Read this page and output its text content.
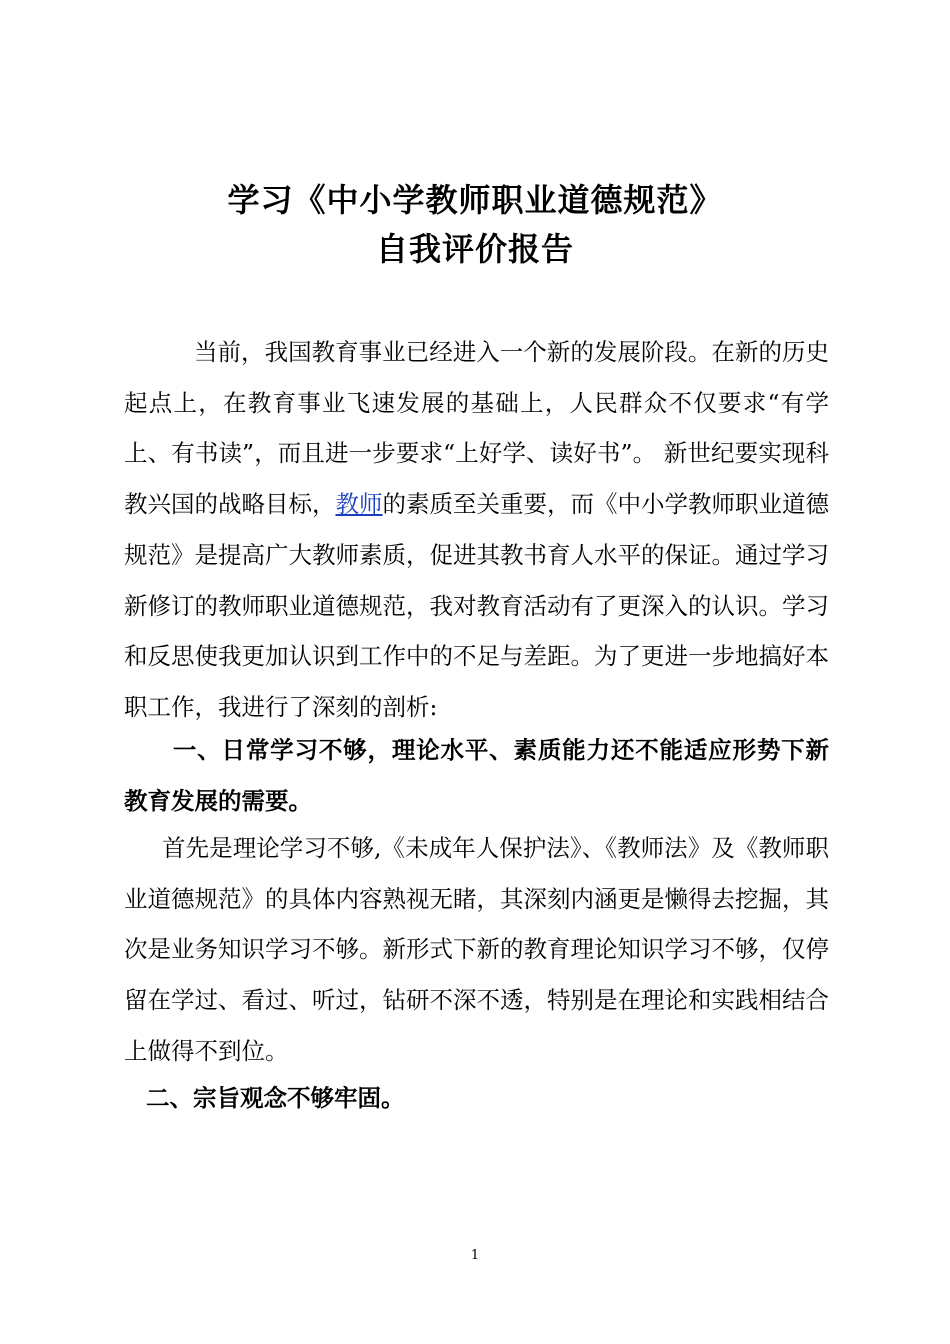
学习《中小学教师职业道德规范》
自我评价报告
当前，我国教育事业已经进入一个新的发展阶段。在新的历史起点上，在教育事业飞速发展的基础上，人民群众不仅要求“有学上、有书读”，而且进一步要求“上好学、读好书”。 新世纪要实现科教兴国的战略目标，教师的素质至关重要，而《中小学教师职业道德规范》是提高广大教师素质，促进其教书育人水平的保证。通过学习新修订的教师职业道德规范，我对教育活动有了更深入的认识。学习和反思使我更加认识到工作中的不足与差距。为了更进一步地搞好本职工作，我进行了深刻的剖析:
一、日常学习不够，理论水平、素质能力还不能适应形势下新教育发展的需要。
首先是理论学习不够,《未成年人保护法》、《教师法》及《教师职业道德规范》的具体内容熟视无睹，其深刻内涵更是懒得去挖掘，其次是业务知识学习不够。新形式下新的教育理论知识学习不够，仅停留在学过、看过、听过，钻研不深不透，特别是在理论和实践相结合上做得不到位。
二、宗旨观念不够牢固。
1
